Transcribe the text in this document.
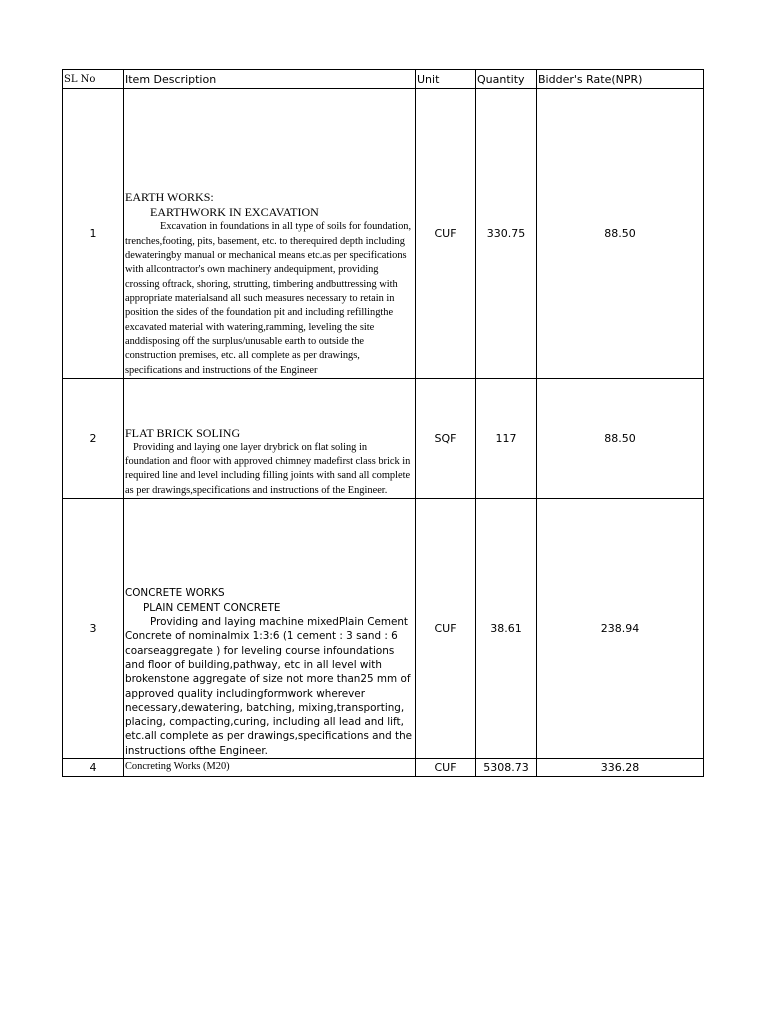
SL No	Item Description	Unit	Quantity	Bidder's Rate(NPR)
1	EARTH WORKS:
EARTHWORK IN EXCAVATION
Excavation in foundations in all type of soils for foundation, trenches,footing, pits, basement, etc. to therequired depth including dewateringby manual or mechanical means etc.as per specifications with allcontractor's own machinery andequipment, providing crossing oftrack, shoring, strutting, timbering andbuttressing with appropriate materialsand all such measures necessary to retain in position the sides of the foundation pit and including refillingthe excavated material with watering,ramming, leveling the site anddisposing off the surplus/unusable earth to outside the construction premises, etc. all complete as per drawings, specifications and instructions of the Engineer	CUF	330.75	88.50
2	FLAT BRICK SOLING
Providing and laying one layer drybrick on flat soling in foundation and floor with approved chimney madefirst class brick in required line and level including filling joints with sand all complete as per drawings,specifications and instructions of the Engineer.	SQF	117	88.50
3	CONCRETE WORKS
PLAIN CEMENT CONCRETE
Providing and laying machine mixedPlain Cement Concrete of nominalmix 1:3:6 (1 cement : 3 sand : 6 coarseaggregate ) for leveling course infoundations and floor of building,pathway, etc in all level with brokenstone aggregate of size not more than25 mm of approved quality includingformwork wherever necessary,dewatering, batching, mixing,transporting, placing, compacting,curing, including all lead and lift, etc.all complete as per drawings,specifications and the instructions ofthe Engineer.	CUF	38.61	238.94
4	Concreting Works (M20)	CUF	5308.73	336.28
